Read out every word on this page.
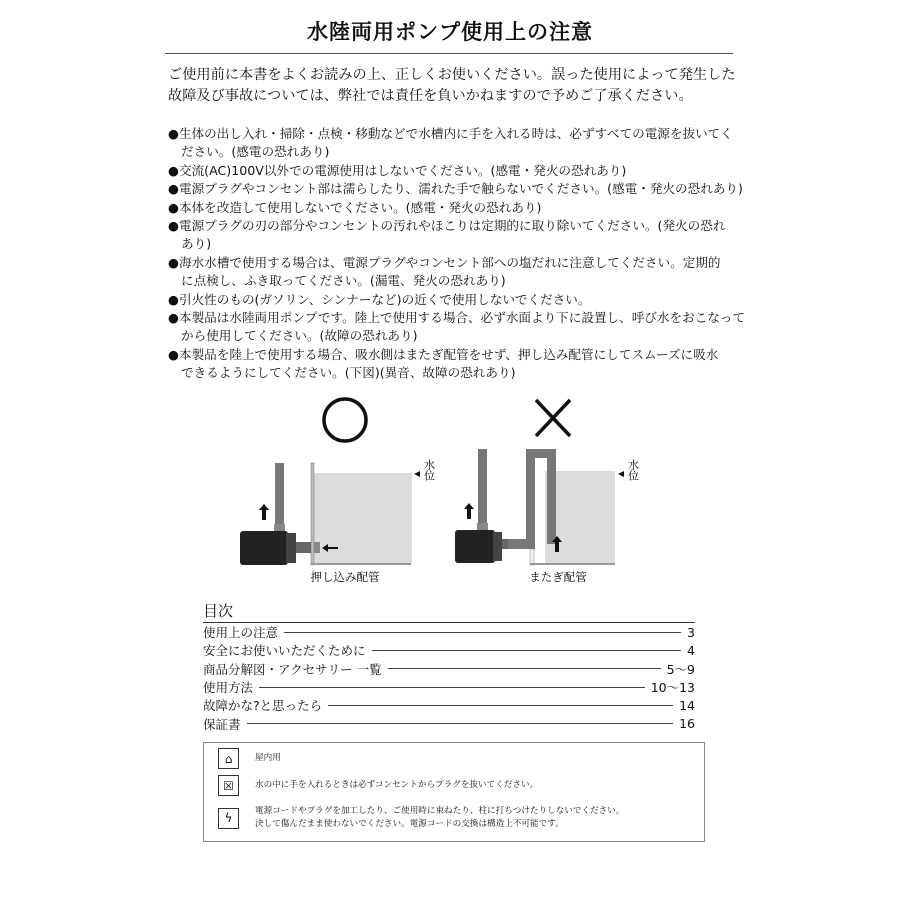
水陸両用ポンプ使用上の注意
ご使用前に本書をよくお読みの上、正しくお使いください。誤った使用によって発生した
故障及び事故については、弊社では責任を負いかねますので予めご了承ください。
●生体の出し入れ・掃除・点検・移動などで水槽内に手を入れる時は、必ずすべての電源を抜いてく
ださい。(感電の恐れあり)
●交流(AC)100V以外での電源使用はしないでください。(感電・発火の恐れあり)
●電源プラグやコンセント部は濡らしたり、濡れた手で触らないでください。(感電・発火の恐れあり)
●本体を改造して使用しないでください。(感電・発火の恐れあり)
●電源プラグの刃の部分やコンセントの汚れやほこりは定期的に取り除いてください。(発火の恐れ
あり)
●海水水槽で使用する場合は、電源プラグやコンセント部への塩だれに注意してください。定期的
に点検し、ふき取ってください。(漏電、発火の恐れあり)
●引火性のもの(ガソリン、シンナーなど)の近くで使用しないでください。
●本製品は水陸両用ポンプです。陸上で使用する場合、必ず水面より下に設置し、呼び水をおこなって
から使用してください。(故障の恐れあり)
●本製品を陸上で使用する場合、吸水側はまたぎ配管をせず、押し込み配管にしてスムーズに吸水
できるようにしてください。(下図)(異音、故障の恐れあり)
水位
押し込み配管
水位
またぎ配管
目次
使用上の注意	3
安全にお使いいただくために	4
商品分解図・アクセサリー 一覧	5〜9
使用方法	10〜13
故障かな?と思ったら	14
保証書	16
⌂	屋内用
☒	水の中に手を入れるときは必ずコンセントからプラグを抜いてください。
ϟ	電源コードやプラグを加工したり、ご使用時に束ねたり、柱に打ちつけたりしないでください。
決して傷んだまま使わないでください。電源コードの交換は構造上不可能です。
